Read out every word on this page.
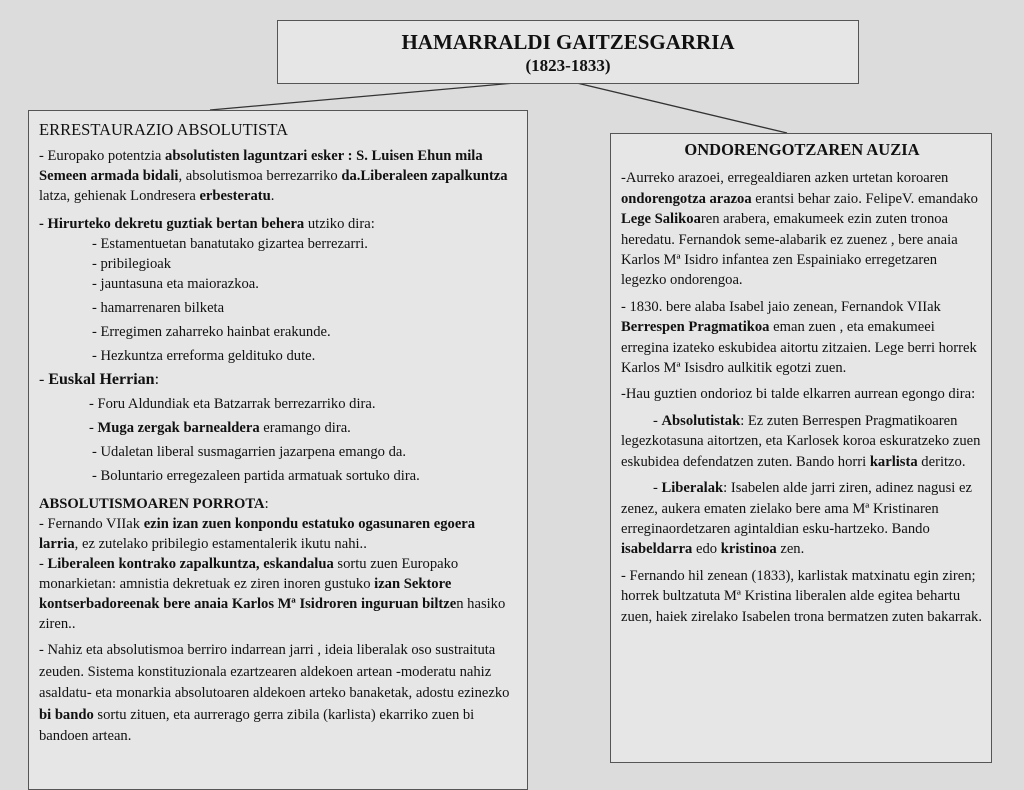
HAMARRALDI GAITZESGARRIA
(1823-1833)

ERRESTAURAZIO ABSOLUTISTA

- Europako potentzia absolutisten laguntzari esker : S. Luisen Ehun mila Semeen armada bidali, absolutismoa berrezarriko da.Liberaleen zapalkuntza latza, gehienak Londresera erbesteratu.

- Hirurteko dekretu guztiak bertan behera utziko dira:

- Estamentuetan banatutako gizartea berrezarri.

- pribilegioak

- jauntasuna eta maiorazkoa.

- hamarrenaren bilketa

- Erregimen zaharreko hainbat erakunde.

- Hezkuntza erreforma geldituko dute.

- Euskal Herrian:

- Foru Aldundiak eta Batzarrak berrezarriko dira.

- Muga zergak barnealdera eramango dira.

- Udaletan liberal susmagarrien jazarpena emango da.

- Boluntario erregezaleen partida armatuak sortuko dira.

ABSOLUTISMOAREN PORROTA:
- Fernando VIIak ezin izan zuen konpondu estatuko ogasunaren egoera larria, ez zutelako pribilegio estamentalerik ikutu nahi..
- Liberaleen kontrako zapalkuntza, eskandalua sortu zuen Europako monarkietan: amnistia dekretuak ez ziren inoren gustuko izan Sektore kontserbadoreenak bere anaia Karlos Mª Isidroren inguruan biltzen hasiko ziren..

- Nahiz eta absolutismoa berriro indarrean jarri , ideia liberalak oso sustraituta zeuden. Sistema konstituzionala ezartzearen aldekoen artean -moderatu nahiz asaldatu- eta monarkia absolutoaren aldekoen arteko banaketak, adostu ezinezko bi bando sortu zituen, eta aurrerago gerra zibila (karlista) ekarriko zuen bi bandoen artean.

ONDORENGOTZAREN AUZIA

-Aurreko arazoei, erregealdiaren azken urtetan koroaren ondorengotza arazoa erantsi behar zaio. FelipeV. emandako Lege Salikoaren arabera, emakumeek ezin zuten tronoa heredatu. Fernandok seme-alabarik ez zuenez , bere anaia Karlos Mª Isidro infantea zen Espainiako erregetzaren legezko ondorengoa.

- 1830. bere alaba Isabel jaio zenean, Fernandok VIIak Berrespen Pragmatikoa eman zuen , eta emakumeei erregina izateko eskubidea aitortu zitzaien. Lege berri horrek Karlos Mª Isisdro aulkitik egotzi zuen.

-Hau guztien ondorioz bi talde elkarren aurrean egongo dira:

- Absolutistak: Ez zuten Berrespen Pragmatikoaren legezkotasuna aitortzen, eta Karlosek koroa eskuratzeko zuen eskubidea defendatzen zuten. Bando horri karlista deritzo.

- Liberalak: Isabelen alde jarri ziren, adinez nagusi ez zenez, aukera ematen zielako bere ama Mª Kristinaren erreginaordetzaren agintaldian esku-hartzeko. Bando isabeldarra edo kristinoa zen.

- Fernando hil zenean (1833), karlistak matxinatu egin ziren; horrek bultzatuta Mª Kristina liberalen alde egitea behartu zuen, haiek zirelako Isabelen trona bermatzen zuten bakarrak.
